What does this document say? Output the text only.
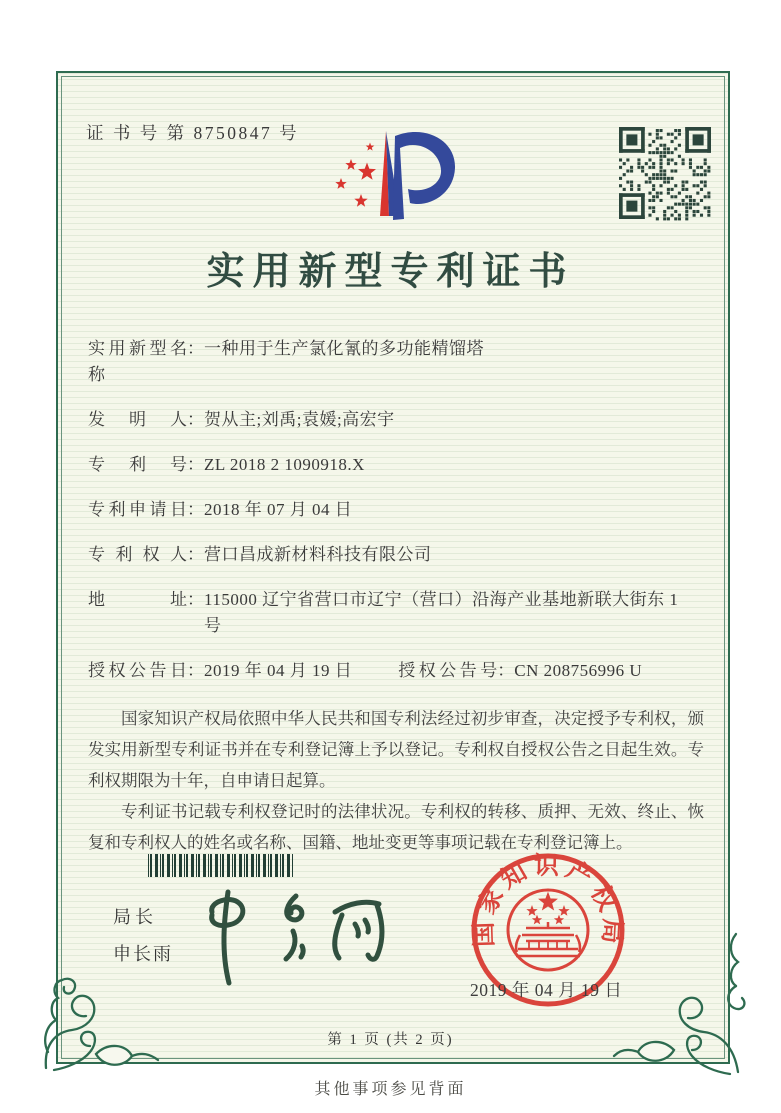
证 书 号 第 8750847 号
实用新型专利证书
实用新型名称
： 一种用于生产氯化氰的多功能精馏塔
发明人 ： 贺从主;刘禹;袁媛;高宏宇
专利号 ： ZL 2018 2 1090918.X
专利申请日 ： 2018 年 07 月 04 日
专利权人 ： 营口昌成新材料科技有限公司
地址 ： 115000 辽宁省营口市辽宁（营口）沿海产业基地新联大街东 1 号
授权公告日 ： 2019 年 04 月 19 日	授权公告号 ： CN 208756996 U

国家知识产权局依照中华人民共和国专利法经过初步审查，决定授予专利权，颁发实用新型专利证书并在专利登记簿上予以登记。专利权自授权公告之日起生效。专利权期限为十年，自申请日起算。

专利证书记载专利权登记时的法律状况。专利权的转移、质押、无效、终止、恢复和专利权人的姓名或名称、国籍、地址变更等事项记载在专利登记簿上。

局长
申长雨
国家知识产权局
2019 年 04 月 19 日
第 1 页 (共 2 页)
其他事项参见背面
